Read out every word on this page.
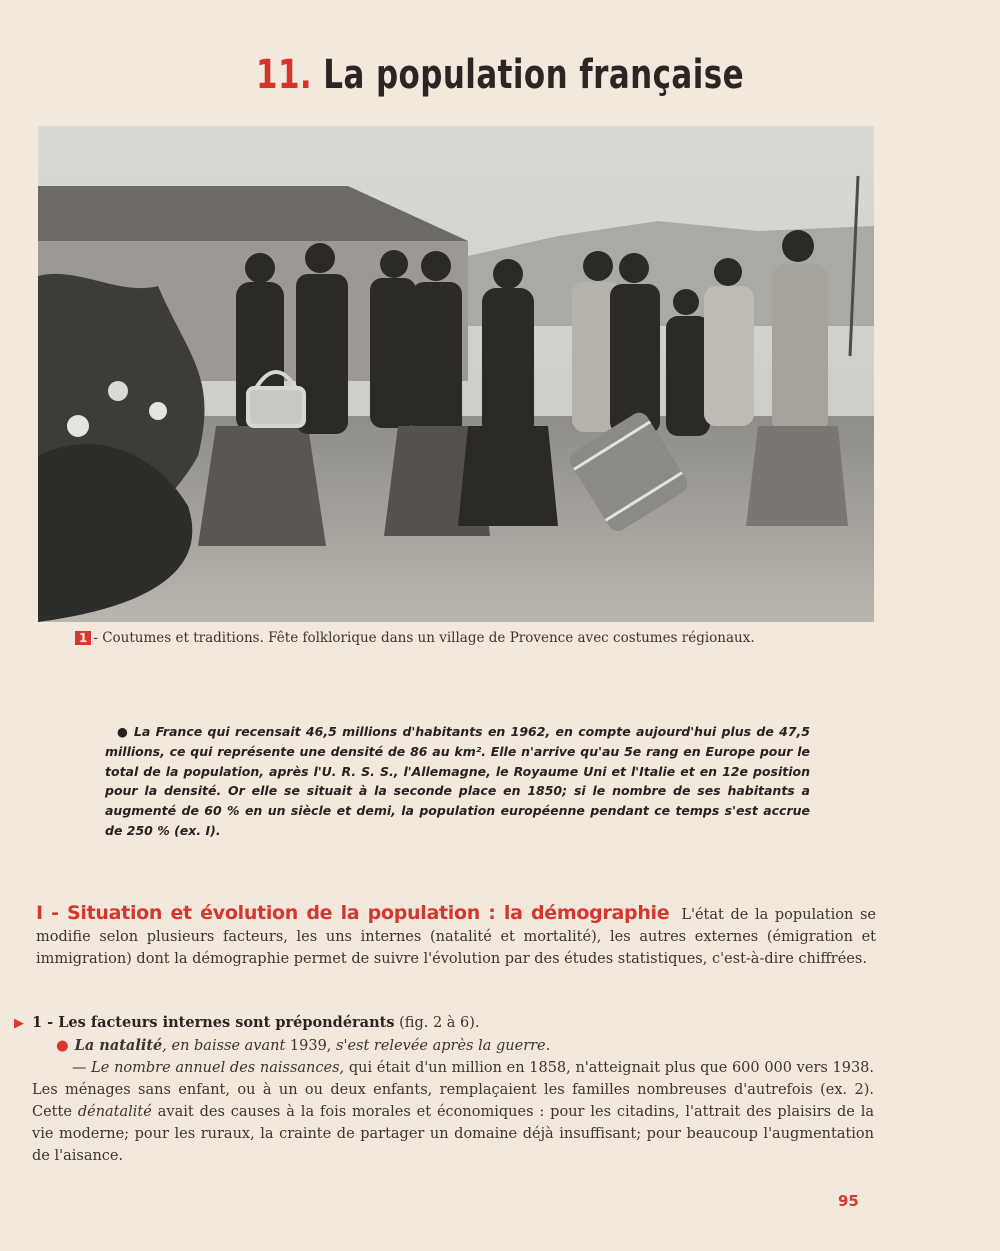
11. La population française
1 - Coutumes et traditions. Fête folklorique dans un village de Provence avec costumes régionaux.
● La France qui recensait 46,5 millions d'habitants en 1962, en compte aujourd'hui plus de 47,5 millions, ce qui représente une densité de 86 au km². Elle n'arrive qu'au 5e rang en Europe pour le total de la population, après l'U. R. S. S., l'Allemagne, le Royaume Uni et l'Italie et en 12e position pour la densité. Or elle se situait à la seconde place en 1850; si le nombre de ses habitants a augmenté de 60 % en un siècle et demi, la population européenne pendant ce temps s'est accrue de 250 % (ex. I).
I - Situation et évolution de la population : la démographie L'état de la population se modifie selon plusieurs facteurs, les uns internes (natalité et mortalité), les autres externes (émigration et immigration) dont la démographie permet de suivre l'évolution par des études statistiques, c'est-à-dire chiffrées.
▶ 1 - Les facteurs internes sont prépondérants (fig. 2 à 6).
● La natalité, en baisse avant 1939, s'est relevée après la guerre.
— Le nombre annuel des naissances, qui était d'un million en 1858, n'atteignait plus que 600 000 vers 1938. Les ménages sans enfant, ou à un ou deux enfants, remplaçaient les familles nombreuses d'autrefois (ex. 2). Cette dénatalité avait des causes à la fois morales et économiques : pour les citadins, l'attrait des plaisirs de la vie moderne; pour les ruraux, la crainte de partager un domaine déjà insuffisant; pour beaucoup l'augmentation de l'aisance.
95
